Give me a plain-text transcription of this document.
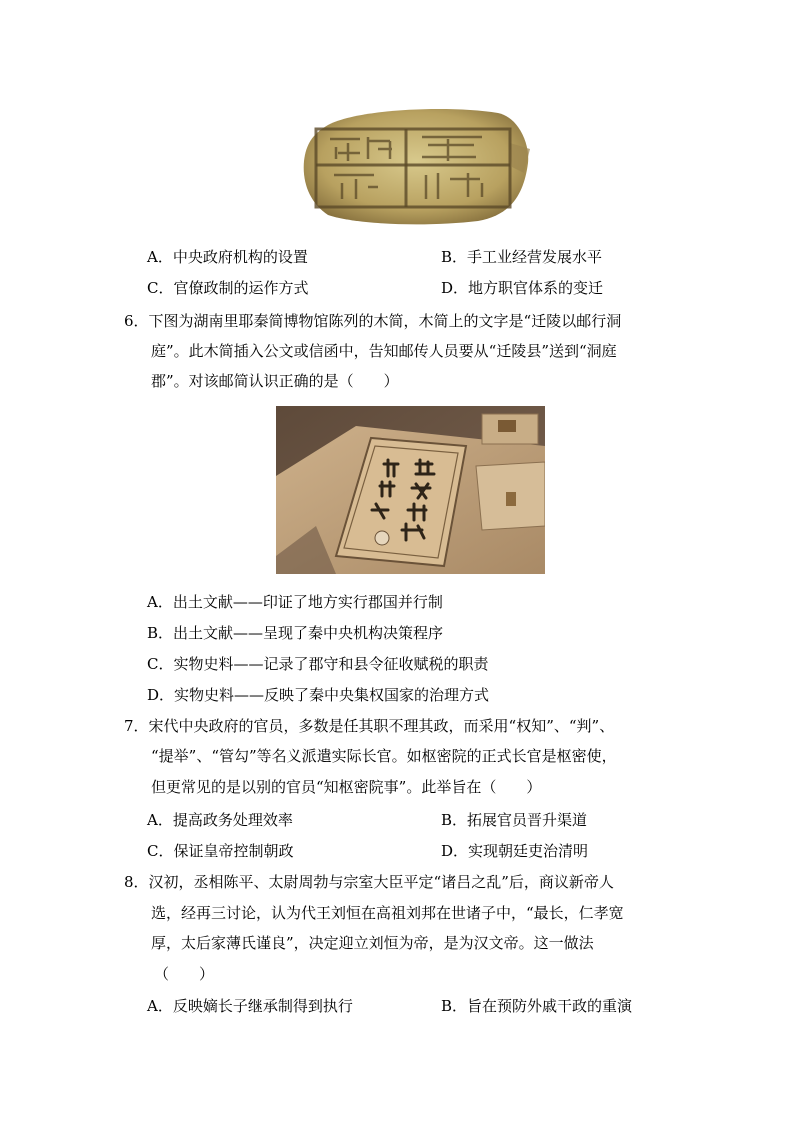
A．中央政府机构的设置	B．手工业经营发展水平
C．官僚政制的运作方式	D．地方职官体系的变迁
6．下图为湖南里耶秦简博物馆陈列的木简，木简上的文字是“迁陵以邮行洞
庭”。此木简插入公文或信函中，告知邮传人员要从“迁陵县”送到“洞庭
郡”。对该邮简认识正确的是（　　）
A．出土文献——印证了地方实行郡国并行制
B．出土文献——呈现了秦中央机构决策程序
C．实物史料——记录了郡守和县令征收赋税的职责
D．实物史料——反映了秦中央集权国家的治理方式
7．宋代中央政府的官员，多数是任其职不理其政，而采用“权知”、“判”、
“提举”、“管勾”等名义派遣实际长官。如枢密院的正式长官是枢密使，
但更常见的是以别的官员“知枢密院事”。此举旨在（　　）
A．提高政务处理效率	B．拓展官员晋升渠道
C．保证皇帝控制朝政	D．实现朝廷吏治清明
8．汉初，丞相陈平、太尉周勃与宗室大臣平定“诸吕之乱”后，商议新帝人
选，经再三讨论，认为代王刘恒在高祖刘邦在世诸子中，“最长，仁孝宽
厚，太后家薄氏谨良”，决定迎立刘恒为帝，是为汉文帝。这一做法
（　　）
A．反映嫡长子继承制得到执行	B．旨在预防外戚干政的重演
